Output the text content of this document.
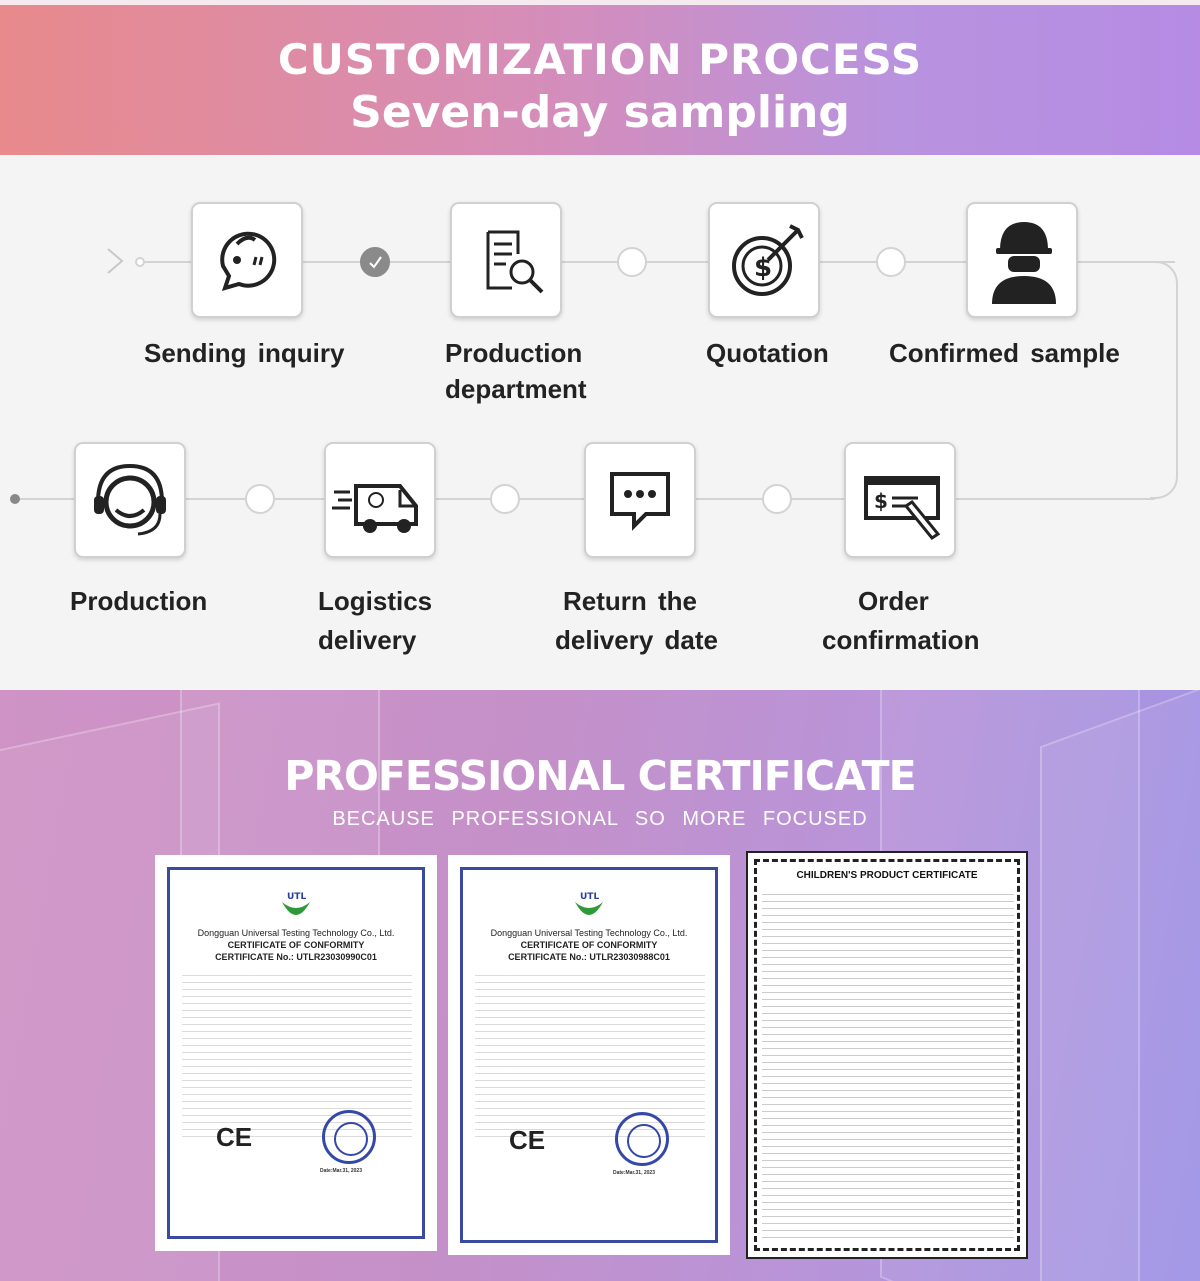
CUSTOMIZATION PROCESS
Seven-day sampling
$
Sending inquiry	Production
department
Quotation Confirmed sample
$
Production	Logistics
delivery
Return the
delivery date
Order
confirmation
PROFESSIONAL CERTIFICATE
BECAUSE PROFESSIONAL SO MORE FOCUSED
UTL
Dongguan Universal Testing Technology Co., Ltd.
CERTIFICATE OF CONFORMITY
CERTIFICATE No.: UTLR23030990C01
CE
Date:Mar.31, 2023
UTL
Dongguan Universal Testing Technology Co., Ltd.
CERTIFICATE OF CONFORMITY
CERTIFICATE No.: UTLR23030988C01
CE
Date:Mar.31, 2023
CHILDREN'S PRODUCT CERTIFICATE
